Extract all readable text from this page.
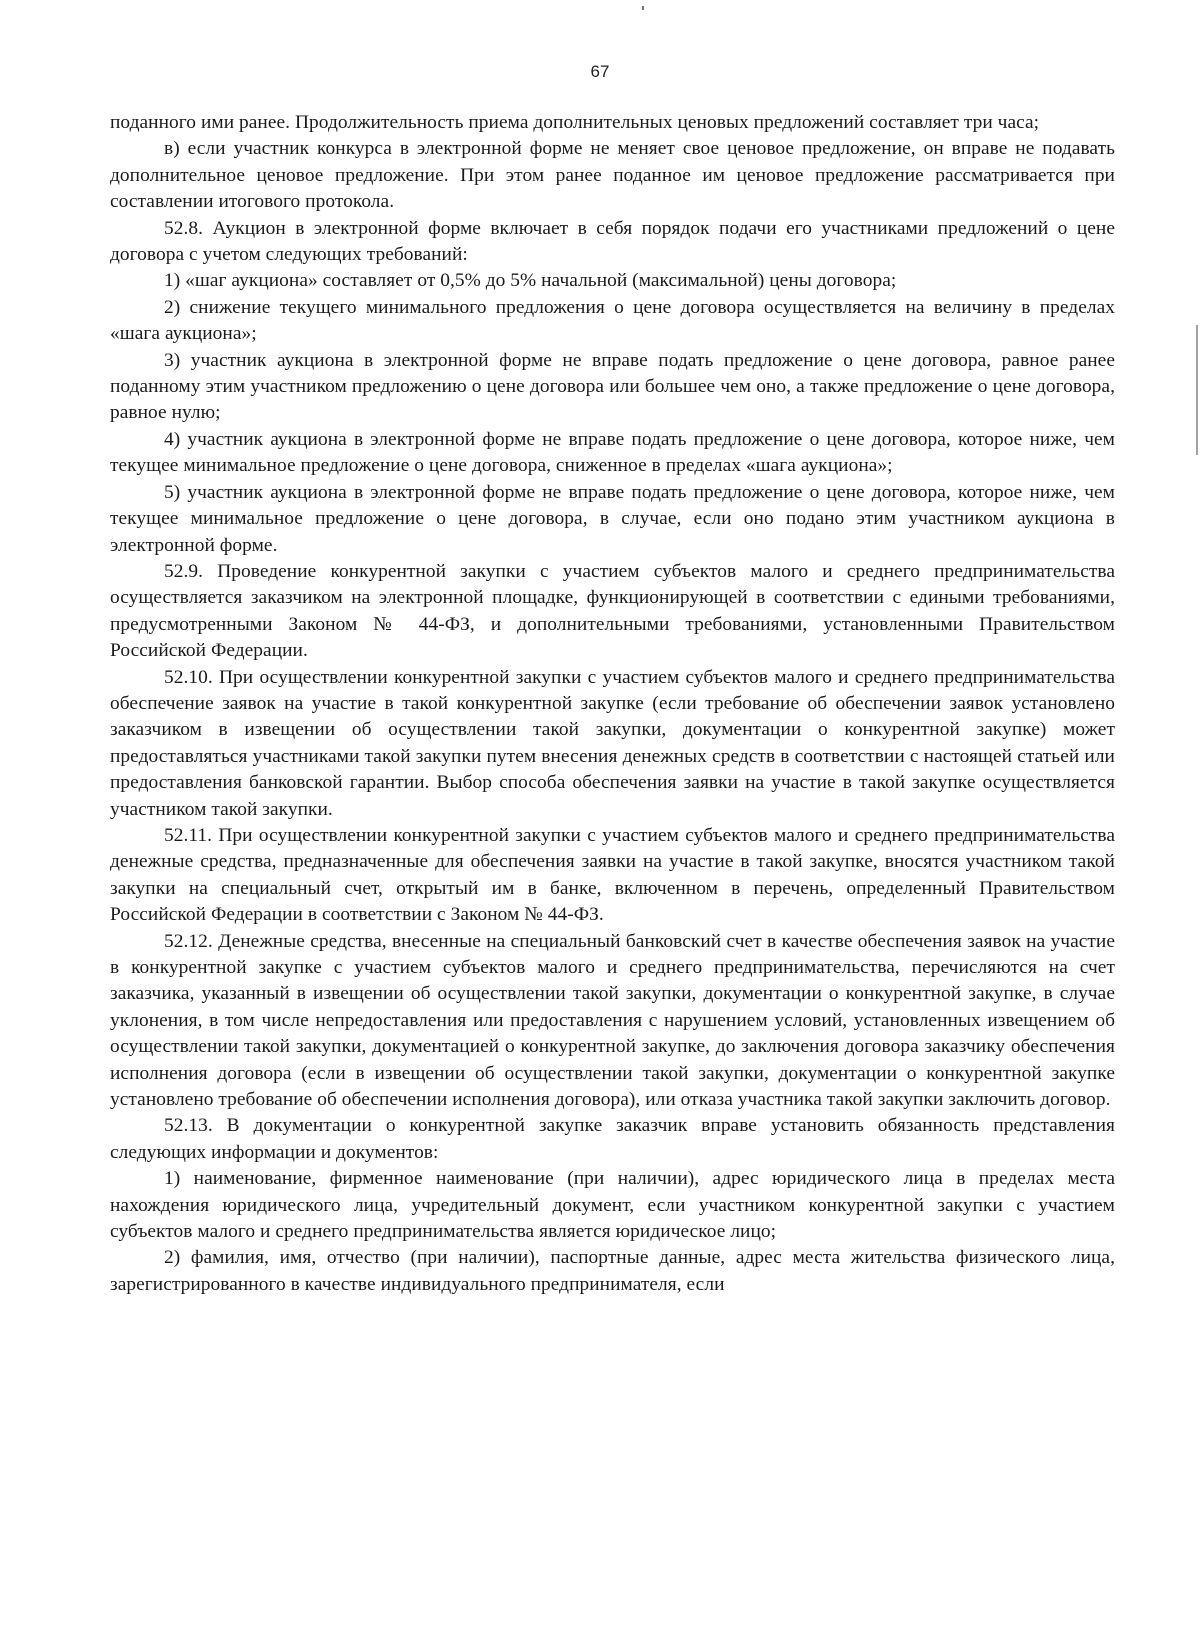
67

поданного ими ранее. Продолжительность приема дополнительных ценовых предложений составляет три часа;

в) если участник конкурса в электронной форме не меняет свое ценовое предложение, он вправе не подавать дополнительное ценовое предложение. При этом ранее поданное им ценовое предложение рассматривается при составлении итогового протокола.

52.8. Аукцион в электронной форме включает в себя порядок подачи его участниками предложений о цене договора с учетом следующих требований:

1) «шаг аукциона» составляет от 0,5% до 5% начальной (максимальной) цены договора;

2) снижение текущего минимального предложения о цене договора осуществляется на величину в пределах «шага аукциона»;

3) участник аукциона в электронной форме не вправе подать предложение о цене договора, равное ранее поданному этим участником предложению о цене договора или большее чем оно, а также предложение о цене договора, равное нулю;

4) участник аукциона в электронной форме не вправе подать предложение о цене договора, которое ниже, чем текущее минимальное предложение о цене договора, сниженное в пределах «шага аукциона»;

5) участник аукциона в электронной форме не вправе подать предложение о цене договора, которое ниже, чем текущее минимальное предложение о цене договора, в случае, если оно подано этим участником аукциона в электронной форме.

52.9. Проведение конкурентной закупки с участием субъектов малого и среднего предпринимательства осуществляется заказчиком на электронной площадке, функционирующей в соответствии с едиными требованиями, предусмотренными Законом № 44-ФЗ, и дополнительными требованиями, установленными Правительством Российской Федерации.

52.10. При осуществлении конкурентной закупки с участием субъектов малого и среднего предпринимательства обеспечение заявок на участие в такой конкурентной закупке (если требование об обеспечении заявок установлено заказчиком в извещении об осуществлении такой закупки, документации о конкурентной закупке) может предоставляться участниками такой закупки путем внесения денежных средств в соответствии с настоящей статьей или предоставления банковской гарантии. Выбор способа обеспечения заявки на участие в такой закупке осуществляется участником такой закупки.

52.11. При осуществлении конкурентной закупки с участием субъектов малого и среднего предпринимательства денежные средства, предназначенные для обеспечения заявки на участие в такой закупке, вносятся участником такой закупки на специальный счет, открытый им в банке, включенном в перечень, определенный Правительством Российской Федерации в соответствии с Законом № 44-ФЗ.

52.12. Денежные средства, внесенные на специальный банковский счет в качестве обеспечения заявок на участие в конкурентной закупке с участием субъектов малого и среднего предпринимательства, перечисляются на счет заказчика, указанный в извещении об осуществлении такой закупки, документации о конкурентной закупке, в случае уклонения, в том числе непредоставления или предоставления с нарушением условий, установленных извещением об осуществлении такой закупки, документацией о конкурентной закупке, до заключения договора заказчику обеспечения исполнения договора (если в извещении об осуществлении такой закупки, документации о конкурентной закупке установлено требование об обеспечении исполнения договора), или отказа участника такой закупки заключить договор.

52.13. В документации о конкурентной закупке заказчик вправе установить обязанность представления следующих информации и документов:

1) наименование, фирменное наименование (при наличии), адрес юридического лица в пределах места нахождения юридического лица, учредительный документ, если участником конкурентной закупки с участием субъектов малого и среднего предпринимательства является юридическое лицо;

2) фамилия, имя, отчество (при наличии), паспортные данные, адрес места жительства физического лица, зарегистрированного в качестве индивидуального предпринимателя, если
